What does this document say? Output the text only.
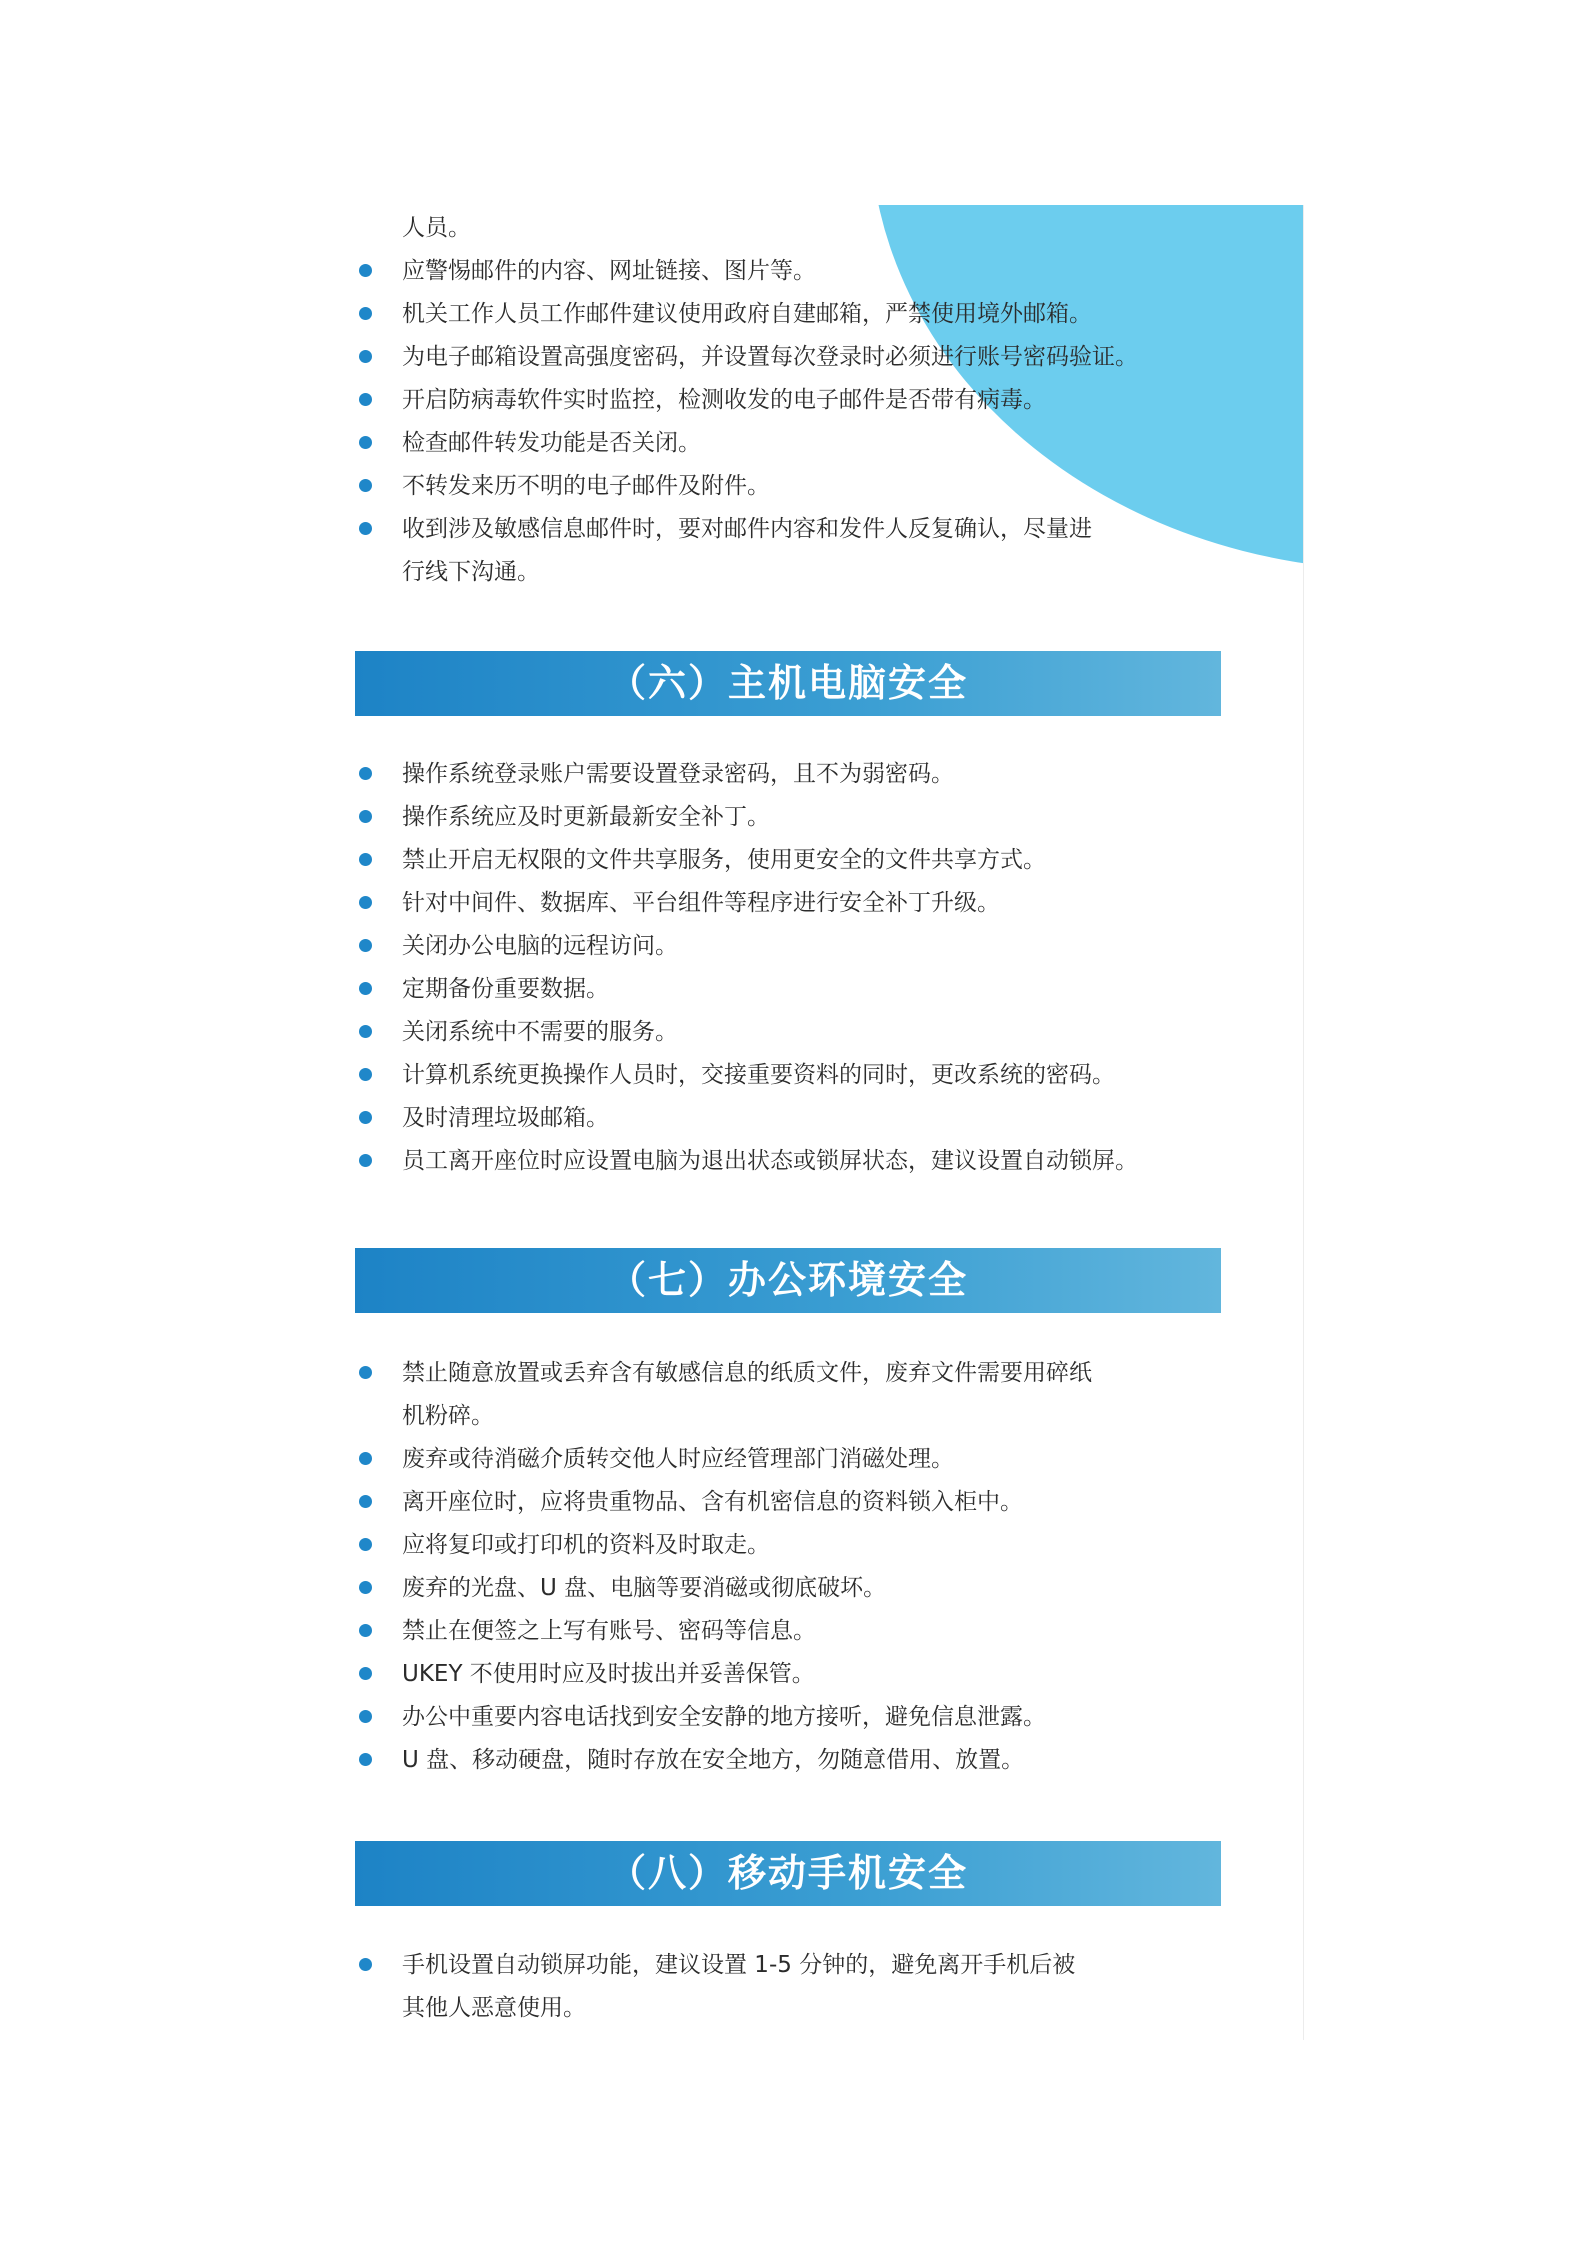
人员。
应警惕邮件的内容、网址链接、图片等。
机关工作人员工作邮件建议使用政府自建邮箱，严禁使用境外邮箱。
为电子邮箱设置高强度密码，并设置每次登录时必须进行账号密码验证。
开启防病毒软件实时监控，检测收发的电子邮件是否带有病毒。
检查邮件转发功能是否关闭。
不转发来历不明的电子邮件及附件。
收到涉及敏感信息邮件时，要对邮件内容和发件人反复确认，尽量进
行线下沟通。
（六）主机电脑安全
操作系统登录账户需要设置登录密码，且不为弱密码。
操作系统应及时更新最新安全补丁。
禁止开启无权限的文件共享服务，使用更安全的文件共享方式。
针对中间件、数据库、平台组件等程序进行安全补丁升级。
关闭办公电脑的远程访问。
定期备份重要数据。
关闭系统中不需要的服务。
计算机系统更换操作人员时，交接重要资料的同时，更改系统的密码。
及时清理垃圾邮箱。
员工离开座位时应设置电脑为退出状态或锁屏状态，建议设置自动锁屏。
（七）办公环境安全
禁止随意放置或丢弃含有敏感信息的纸质文件，废弃文件需要用碎纸
机粉碎。
废弃或待消磁介质转交他人时应经管理部门消磁处理。
离开座位时，应将贵重物品、含有机密信息的资料锁入柜中。
应将复印或打印机的资料及时取走。
废弃的光盘、U 盘、电脑等要消磁或彻底破坏。
禁止在便签之上写有账号、密码等信息。
UKEY 不使用时应及时拔出并妥善保管。
办公中重要内容电话找到安全安静的地方接听，避免信息泄露。
U 盘、移动硬盘，随时存放在安全地方，勿随意借用、放置。
（八）移动手机安全
手机设置自动锁屏功能，建议设置 1-5 分钟的，避免离开手机后被
其他人恶意使用。
